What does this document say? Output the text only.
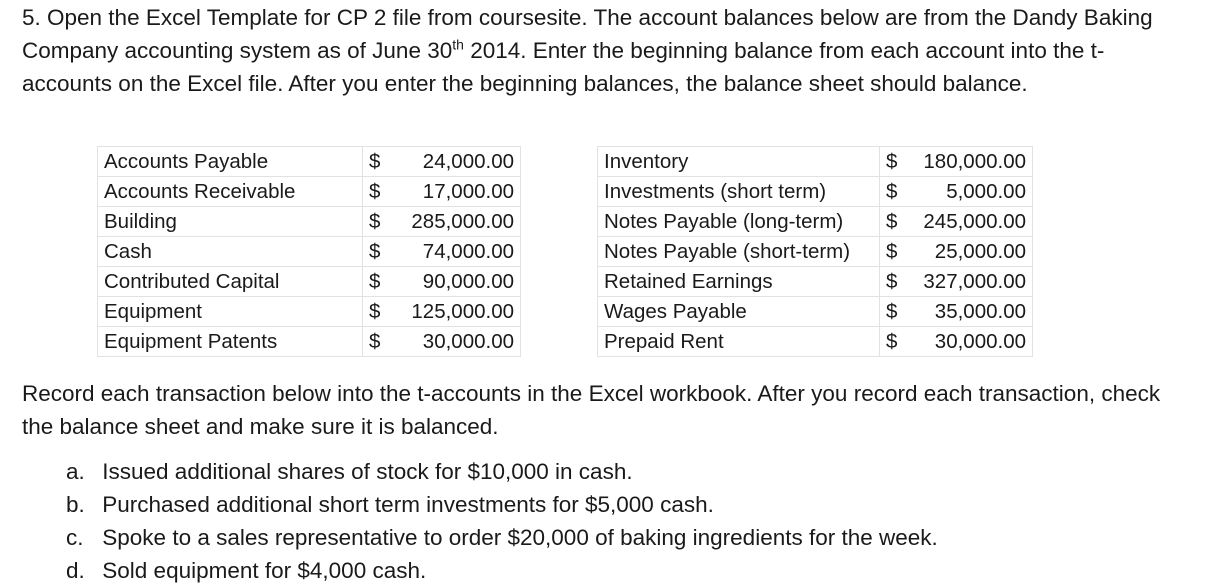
5. Open the Excel Template for CP 2 file from coursesite. The account balances below are from the Dandy Baking Company accounting system as of June 30th 2014. Enter the beginning balance from each account into the t-accounts on the Excel file. After you enter the beginning balances, the balance sheet should balance.

Accounts Payable	$ 24,000.00		Inventory	$ 180,000.00

Accounts Receivable	$ 17,000.00		Investments (short term)	$ 5,000.00

Building	$ 285,000.00		Notes Payable (long-term)	$ 245,000.00

Cash	$ 74,000.00		Notes Payable (short-term)	$ 25,000.00

Contributed Capital	$ 90,000.00		Retained Earnings	$ 327,000.00

Equipment	$ 125,000.00		Wages Payable	$ 35,000.00

Equipment Patents	$ 30,000.00		Prepaid Rent	$ 30,000.00

Record each transaction below into the t-accounts in the Excel workbook. After you record each transaction, check the balance sheet and make sure it is balanced.

a. Issued additional shares of stock for $10,000 in cash.
b. Purchased additional short term investments for $5,000 cash.
c. Spoke to a sales representative to order $20,000 of baking ingredients for the week.
d. Sold equipment for $4,000 cash.
